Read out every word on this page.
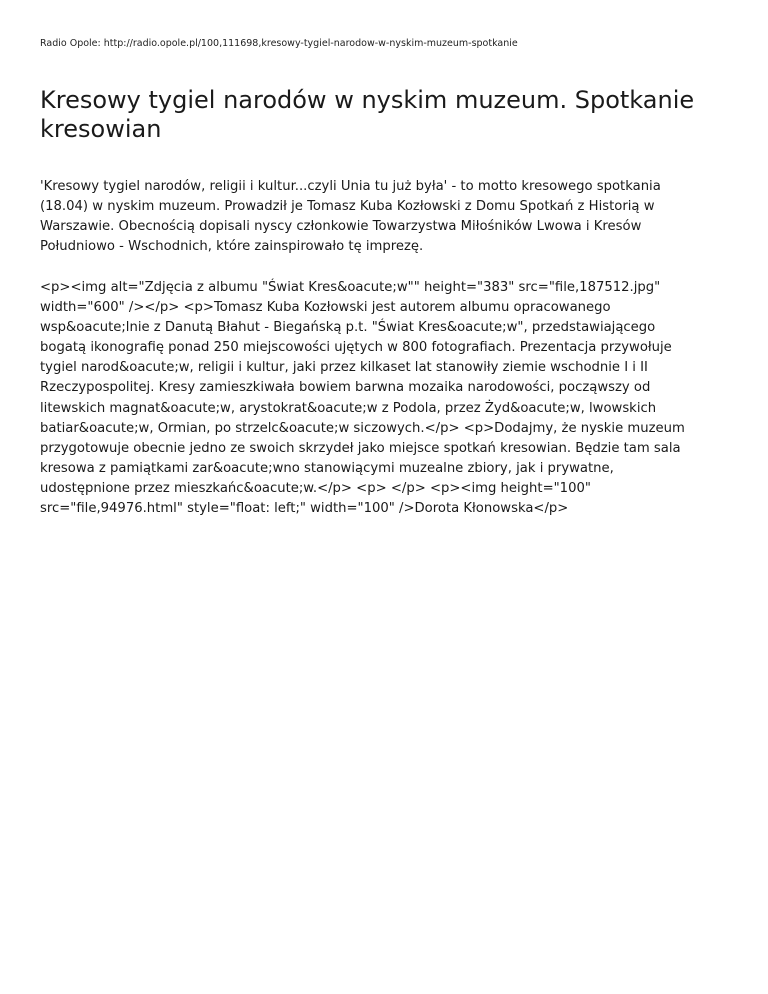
Radio Opole: http://radio.opole.pl/100,111698,kresowy-tygiel-narodow-w-nyskim-muzeum-spotkanie
Kresowy tygiel narodów w nyskim muzeum. Spotkanie
kresowian

'Kresowy tygiel narodów, religii i kultur...czyli Unia tu już była' - to motto kresowego spotkania
(18.04) w nyskim muzeum. Prowadził je Tomasz Kuba Kozłowski z Domu Spotkań z Historią w
Warszawie. Obecnością dopisali nyscy członkowie Towarzystwa Miłośników Lwowa i Kresów
Południowo - Wschodnich, które zainspirowało tę imprezę.

<p><img alt="Zdjęcia z albumu "Świat Kres&oacute;w"" height="383" src="file,187512.jpg"
width="600" /></p> <p>Tomasz Kuba Kozłowski jest autorem albumu opracowanego
wsp&oacute;lnie z Danutą Błahut - Biegańską p.t. "Świat Kres&oacute;w", przedstawiającego
bogatą ikonografię ponad 250 miejscowości ujętych w 800 fotografiach. Prezentacja przywołuje
tygiel narod&oacute;w, religii i kultur, jaki przez kilkaset lat stanowiły ziemie wschodnie I i II
Rzeczypospolitej. Kresy zamieszkiwała bowiem barwna mozaika narodowości, począwszy od
litewskich magnat&oacute;w, arystokrat&oacute;w z Podola, przez Żyd&oacute;w, lwowskich
batiar&oacute;w, Ormian, po strzelc&oacute;w siczowych.</p> <p>Dodajmy, że nyskie muzeum
przygotowuje obecnie jedno ze swoich skrzydeł jako miejsce spotkań kresowian. Będzie tam sala
kresowa z pamiątkami zar&oacute;wno stanowiącymi muzealne zbiory, jak i prywatne,
udostępnione przez mieszkańc&oacute;w.</p> <p> </p> <p><img height="100"
src="file,94976.html" style="float: left;" width="100" />Dorota Kłonowska</p>
